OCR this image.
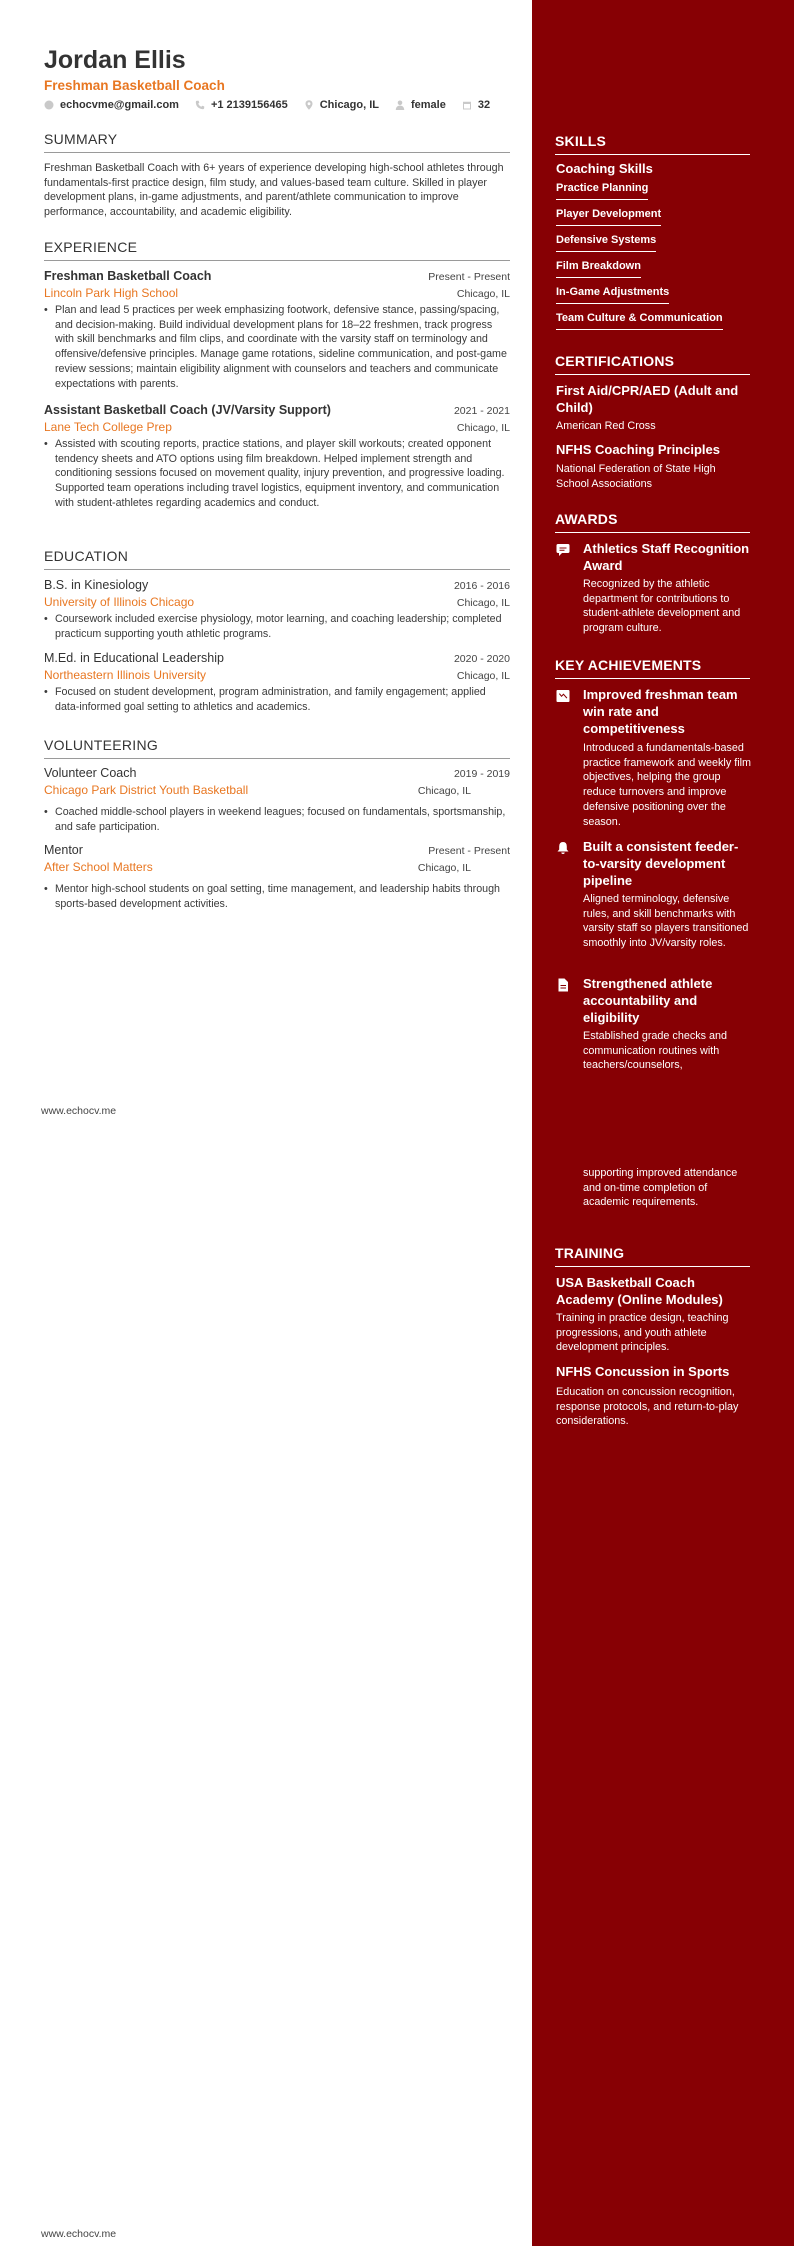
Jordan Ellis
Freshman Basketball Coach
echocvme@gmail.com	+1 2139156465	Chicago, IL	female	32
SUMMARY
Freshman Basketball Coach with 6+ years of experience developing high-school athletes through fundamentals-first practice design, film study, and values-based team culture. Skilled in player development plans, in-game adjustments, and parent/athlete communication to improve performance, accountability, and academic eligibility.
EXPERIENCE
Freshman Basketball Coach	Present - Present
Lincoln Park High School	Chicago, IL
• Plan and lead 5 practices per week emphasizing footwork, defensive stance, passing/spacing, and decision-making. Build individual development plans for 18–22 freshmen, track progress with skill benchmarks and film clips, and coordinate with the varsity staff on terminology and offensive/defensive principles. Manage game rotations, sideline communication, and post-game review sessions; maintain eligibility alignment with counselors and teachers and communicate expectations with parents.
Assistant Basketball Coach (JV/Varsity Support)	2021 - 2021
Lane Tech College Prep	Chicago, IL
• Assisted with scouting reports, practice stations, and player skill workouts; created opponent tendency sheets and ATO options using film breakdown. Helped implement strength and conditioning sessions focused on movement quality, injury prevention, and progressive loading. Supported team operations including travel logistics, equipment inventory, and communication with student-athletes regarding academics and conduct.
EDUCATION
B.S. in Kinesiology	2016 - 2016
University of Illinois Chicago	Chicago, IL
• Coursework included exercise physiology, motor learning, and coaching leadership; completed practicum supporting youth athletic programs.
M.Ed. in Educational Leadership	2020 - 2020
Northeastern Illinois University	Chicago, IL
• Focused on student development, program administration, and family engagement; applied data-informed goal setting to athletics and academics.
VOLUNTEERING
Volunteer Coach	2019 - 2019
Chicago Park District Youth Basketball	Chicago, IL
• Coached middle-school players in weekend leagues; focused on fundamentals, sportsmanship, and safe participation.
Mentor	Present - Present
After School Matters	Chicago, IL
• Mentor high-school students on goal setting, time management, and leadership habits through sports-based development activities.
www.echocv.me
www.echocv.me
SKILLS
Coaching Skills
Practice Planning
Player Development
Defensive Systems
Film Breakdown
In-Game Adjustments
Team Culture & Communication
CERTIFICATIONS
First Aid/CPR/AED (Adult and Child)
American Red Cross
NFHS Coaching Principles
National Federation of State High School Associations
AWARDS
Athletics Staff Recognition Award
Recognized by the athletic department for contributions to student-athlete development and program culture.
KEY ACHIEVEMENTS
Improved freshman team win rate and competitiveness
Introduced a fundamentals-based practice framework and weekly film objectives, helping the group reduce turnovers and improve defensive positioning over the season.
Built a consistent feeder-to-varsity development pipeline
Aligned terminology, defensive rules, and skill benchmarks with varsity staff so players transitioned smoothly into JV/varsity roles.
Strengthened athlete accountability and eligibility
Established grade checks and communication routines with teachers/counselors,
supporting improved attendance and on-time completion of academic requirements.
TRAINING
USA Basketball Coach Academy (Online Modules)
Training in practice design, teaching progressions, and youth athlete development principles.
NFHS Concussion in Sports
Education on concussion recognition, response protocols, and return-to-play considerations.
